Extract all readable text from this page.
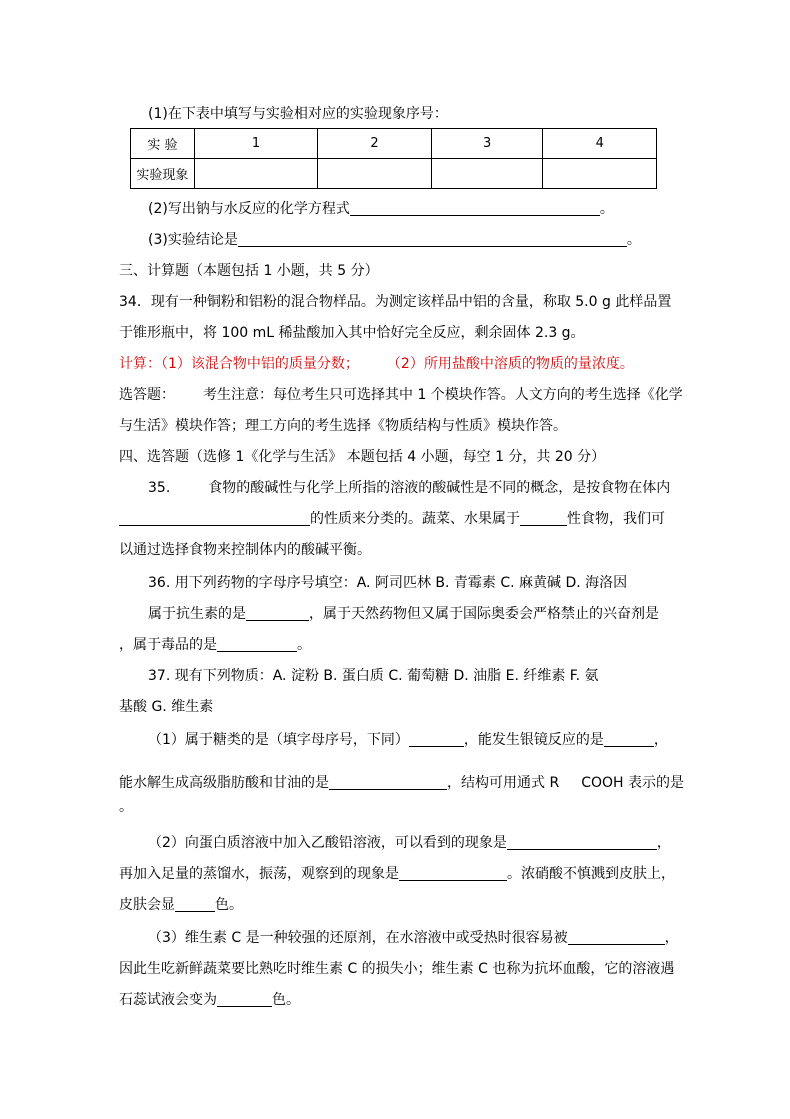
(1)在下表中填写与实验相对应的实验现象序号：
实 验	1	2	3	4
实验现象				
(2)写出钠与水反应的化学方程式	。
(3)实验结论是	。
三、计算题（本题包括 1 小题，共 5 分）
34．现有一种铜粉和铝粉的混合物样品。为测定该样品中铝的含量，称取 5.0 g 此样品置
于锥形瓶中，将 100 mL 稀盐酸加入其中恰好完全反应，剩余固体 2.3 g。
计算：（1）该混合物中铝的质量分数； （2）所用盐酸中溶质的物质的量浓度。
选答题： 考生注意：每位考生只可选择其中 1 个模块作答。人文方向的考生选择《化学
与生活》模块作答；理工方向的考生选择《物质结构与性质》模块作答。
四、选答题（选修 1《化学与生活》 本题包括 4 小题，每空 1 分，共 20 分）
35.	食物的酸碱性与化学上所指的溶液的酸碱性是不同的概念，是按食物在体内
的性质来分类的。蔬菜、水果属于	性食物，我们可
以通过选择食物来控制体内的酸碱平衡。
36. 用下列药物的字母序号填空：A. 阿司匹林 B. 青霉素 C. 麻黄碱 D. 海洛因
属于抗生素的是	，属于天然药物但又属于国际奥委会严格禁止的兴奋剂是
，属于毒品的是	。
37. 现有下列物质：A. 淀粉 B. 蛋白质 C. 葡萄糖 D. 油脂 E. 纤维素 F. 氨
基酸 G. 维生素
（1）属于糖类的是（填字母序号，下同）	，能发生银镜反应的是	，
能水解生成高级脂肪酸和甘油的是	，结构可用通式 R COOH 表示的是
。
（2）向蛋白质溶液中加入乙酸铅溶液，可以看到的现象是	，
再加入足量的蒸馏水，振荡，观察到的现象是	。浓硝酸不慎溅到皮肤上，
皮肤会显	色。
（3）维生素 C 是一种较强的还原剂，在水溶液中或受热时很容易被	，
因此生吃新鲜蔬菜要比熟吃时维生素 C 的损失小；维生素 C 也称为抗坏血酸，它的溶液遇
石蕊试液会变为	色。
